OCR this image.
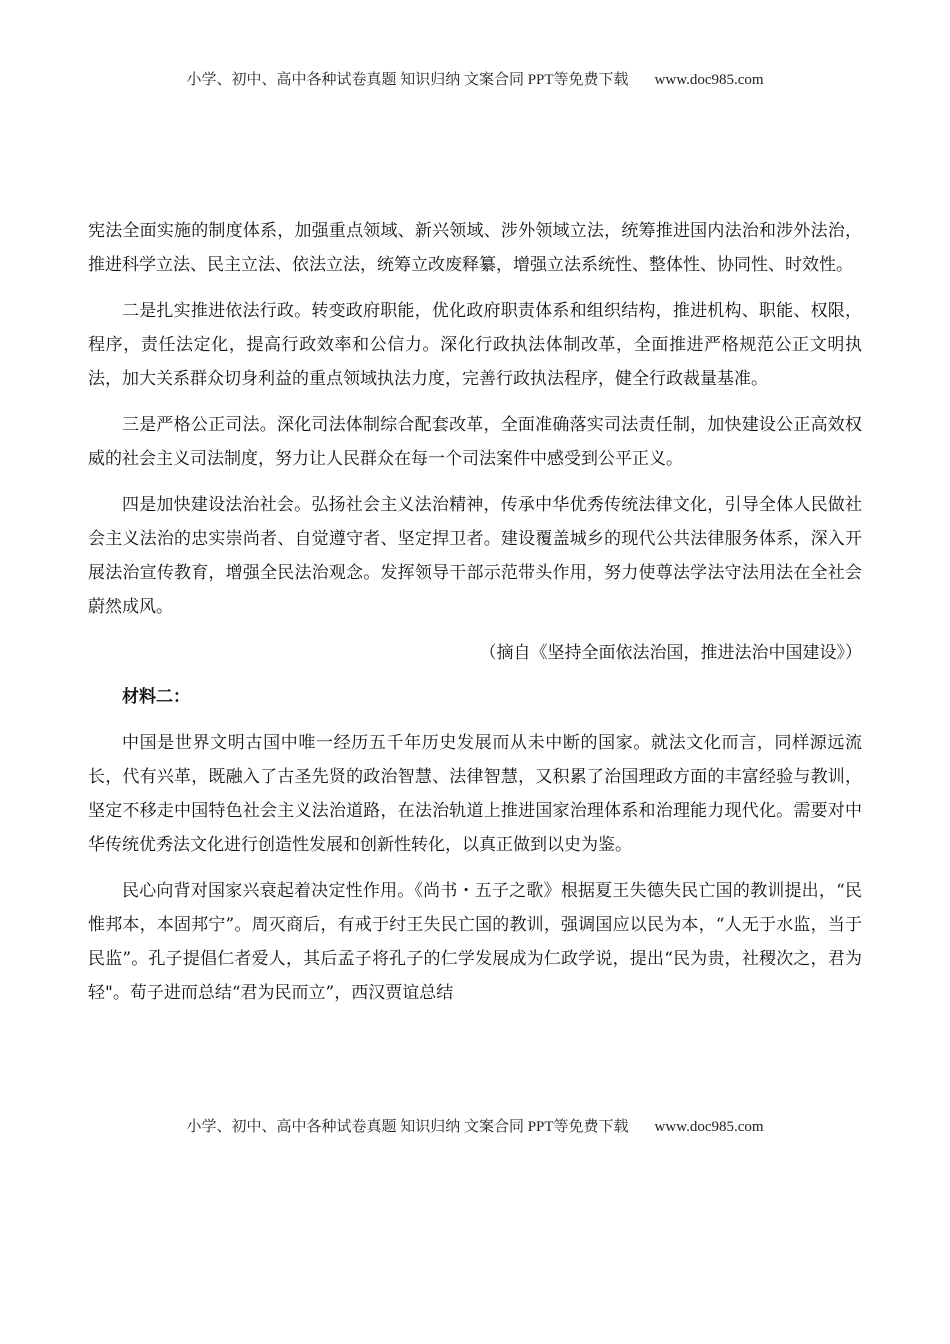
小学、初中、高中各种试卷真题 知识归纳 文案合同 PPT等免费下载 www.doc985.com

宪法全面实施的制度体系，加强重点领域、新兴领域、涉外领域立法，统筹推进国内法治和涉外法治，推进科学立法、民主立法、依法立法，统筹立改废释纂，增强立法系统性、整体性、协同性、时效性。

二是扎实推进依法行政。转变政府职能，优化政府职责体系和组织结构，推进机构、职能、权限，程序，责任法定化，提高行政效率和公信力。深化行政执法体制改革，全面推进严格规范公正文明执法，加大关系群众切身利益的重点领域执法力度，完善行政执法程序，健全行政裁量基准。

三是严格公正司法。深化司法体制综合配套改革，全面准确落实司法责任制，加快建设公正高效权威的社会主义司法制度，努力让人民群众在每一个司法案件中感受到公平正义。

四是加快建设法治社会。弘扬社会主义法治精神，传承中华优秀传统法律文化，引导全体人民做社会主义法治的忠实崇尚者、自觉遵守者、坚定捍卫者。建设覆盖城乡的现代公共法律服务体系，深入开展法治宣传教育，增强全民法治观念。发挥领导干部示范带头作用，努力使尊法学法守法用法在全社会蔚然成风。

（摘自《坚持全面依法治国，推进法治中国建设》）

材料二：

中国是世界文明古国中唯一经历五千年历史发展而从未中断的国家。就法文化而言，同样源远流长，代有兴革，既融入了古圣先贤的政治智慧、法律智慧，又积累了治国理政方面的丰富经验与教训，坚定不移走中国特色社会主义法治道路，在法治轨道上推进国家治理体系和治理能力现代化。需要对中华传统优秀法文化进行创造性发展和创新性转化，以真正做到以史为鉴。

民心向背对国家兴衰起着决定性作用。《尚书・五子之歌》根据夏王失德失民亡国的教训提出，“民惟邦本，本固邦宁”。周灭商后，有戒于纣王失民亡国的教训，强调国应以民为本，“人无于水监，当于民监”。孔子提倡仁者爱人，其后孟子将孔子的仁学发展成为仁政学说，提出“民为贵，社稷次之，君为轻"。荀子进而总结“君为民而立”，西汉贾谊总结

小学、初中、高中各种试卷真题 知识归纳 文案合同 PPT等免费下载 www.doc985.com
